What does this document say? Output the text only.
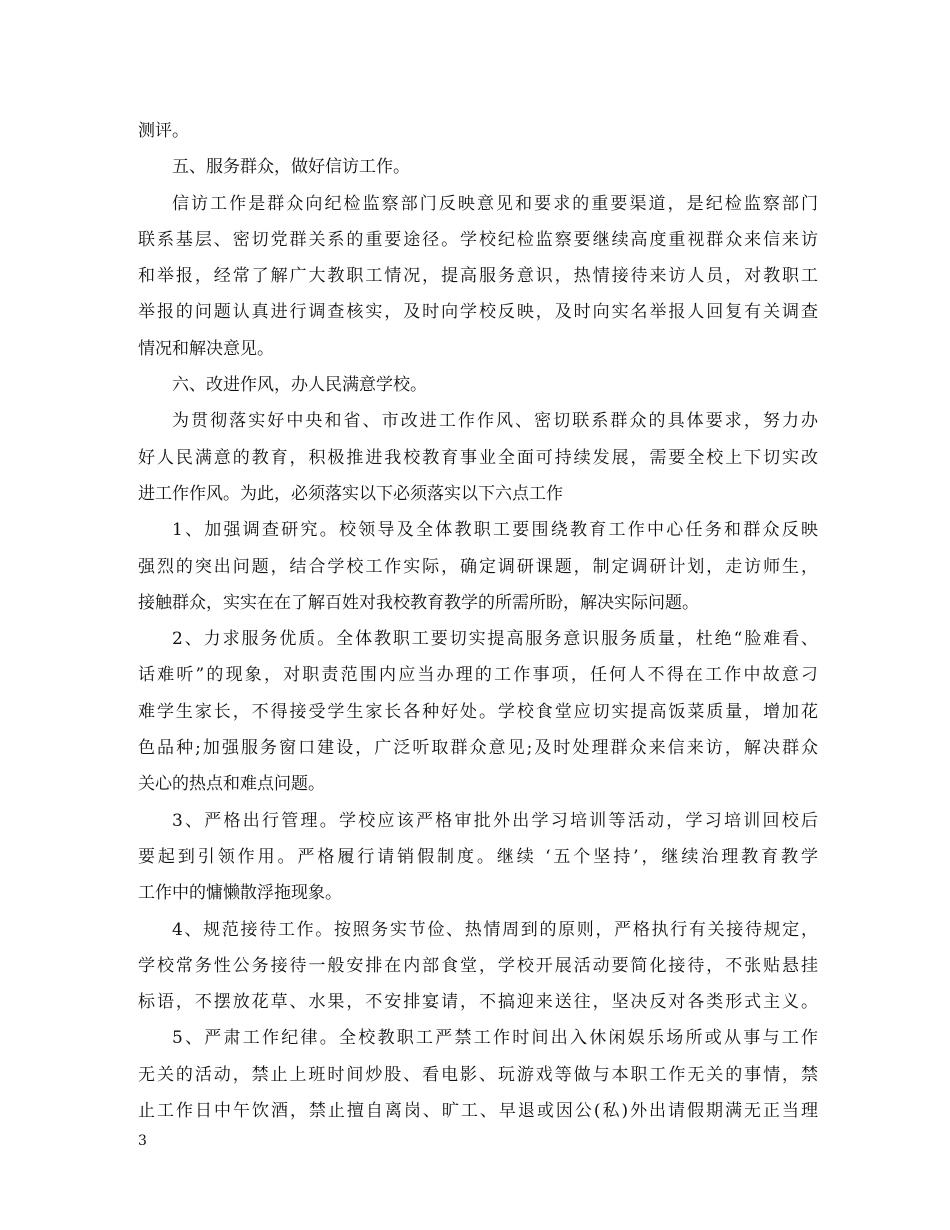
测评。
五、服务群众，做好信访工作。
信访工作是群众向纪检监察部门反映意见和要求的重要渠道，是纪检监察部门
联系基层、密切党群关系的重要途径。学校纪检监察要继续高度重视群众来信来访
和举报，经常了解广大教职工情况，提高服务意识，热情接待来访人员，对教职工
举报的问题认真进行调查核实，及时向学校反映，及时向实名举报人回复有关调查
情况和解决意见。
六、改进作风，办人民满意学校。
为贯彻落实好中央和省、市改进工作作风、密切联系群众的具体要求，努力办
好人民满意的教育，积极推进我校教育事业全面可持续发展，需要全校上下切实改
进工作作风。为此，必须落实以下必须落实以下六点工作
1、加强调查研究。校领导及全体教职工要围绕教育工作中心任务和群众反映
强烈的突出问题，结合学校工作实际，确定调研课题，制定调研计划，走访师生，
接触群众，实实在在了解百姓对我校教育教学的所需所盼，解决实际问题。
2、力求服务优质。全体教职工要切实提高服务意识服务质量，杜绝“脸难看、
话难听”的现象，对职责范围内应当办理的工作事项，任何人不得在工作中故意刁
难学生家长，不得接受学生家长各种好处。学校食堂应切实提高饭菜质量，增加花
色品种;加强服务窗口建设，广泛听取群众意见;及时处理群众来信来访，解决群众
关心的热点和难点问题。
3、严格出行管理。学校应该严格审批外出学习培训等活动，学习培训回校后
要起到引领作用。严格履行请销假制度。继续 ‘五个坚持’，继续治理教育教学
工作中的慵懒散浮拖现象。
4、规范接待工作。按照务实节俭、热情周到的原则，严格执行有关接待规定，
学校常务性公务接待一般安排在内部食堂，学校开展活动要简化接待，不张贴悬挂
标语，不摆放花草、水果，不安排宴请，不搞迎来送往，坚决反对各类形式主义。
5、严肃工作纪律。全校教职工严禁工作时间出入休闲娱乐场所或从事与工作
无关的活动，禁止上班时间炒股、看电影、玩游戏等做与本职工作无关的事情，禁
止工作日中午饮酒，禁止擅自离岗、旷工、早退或因公(私)外出请假期满无正当理
3
